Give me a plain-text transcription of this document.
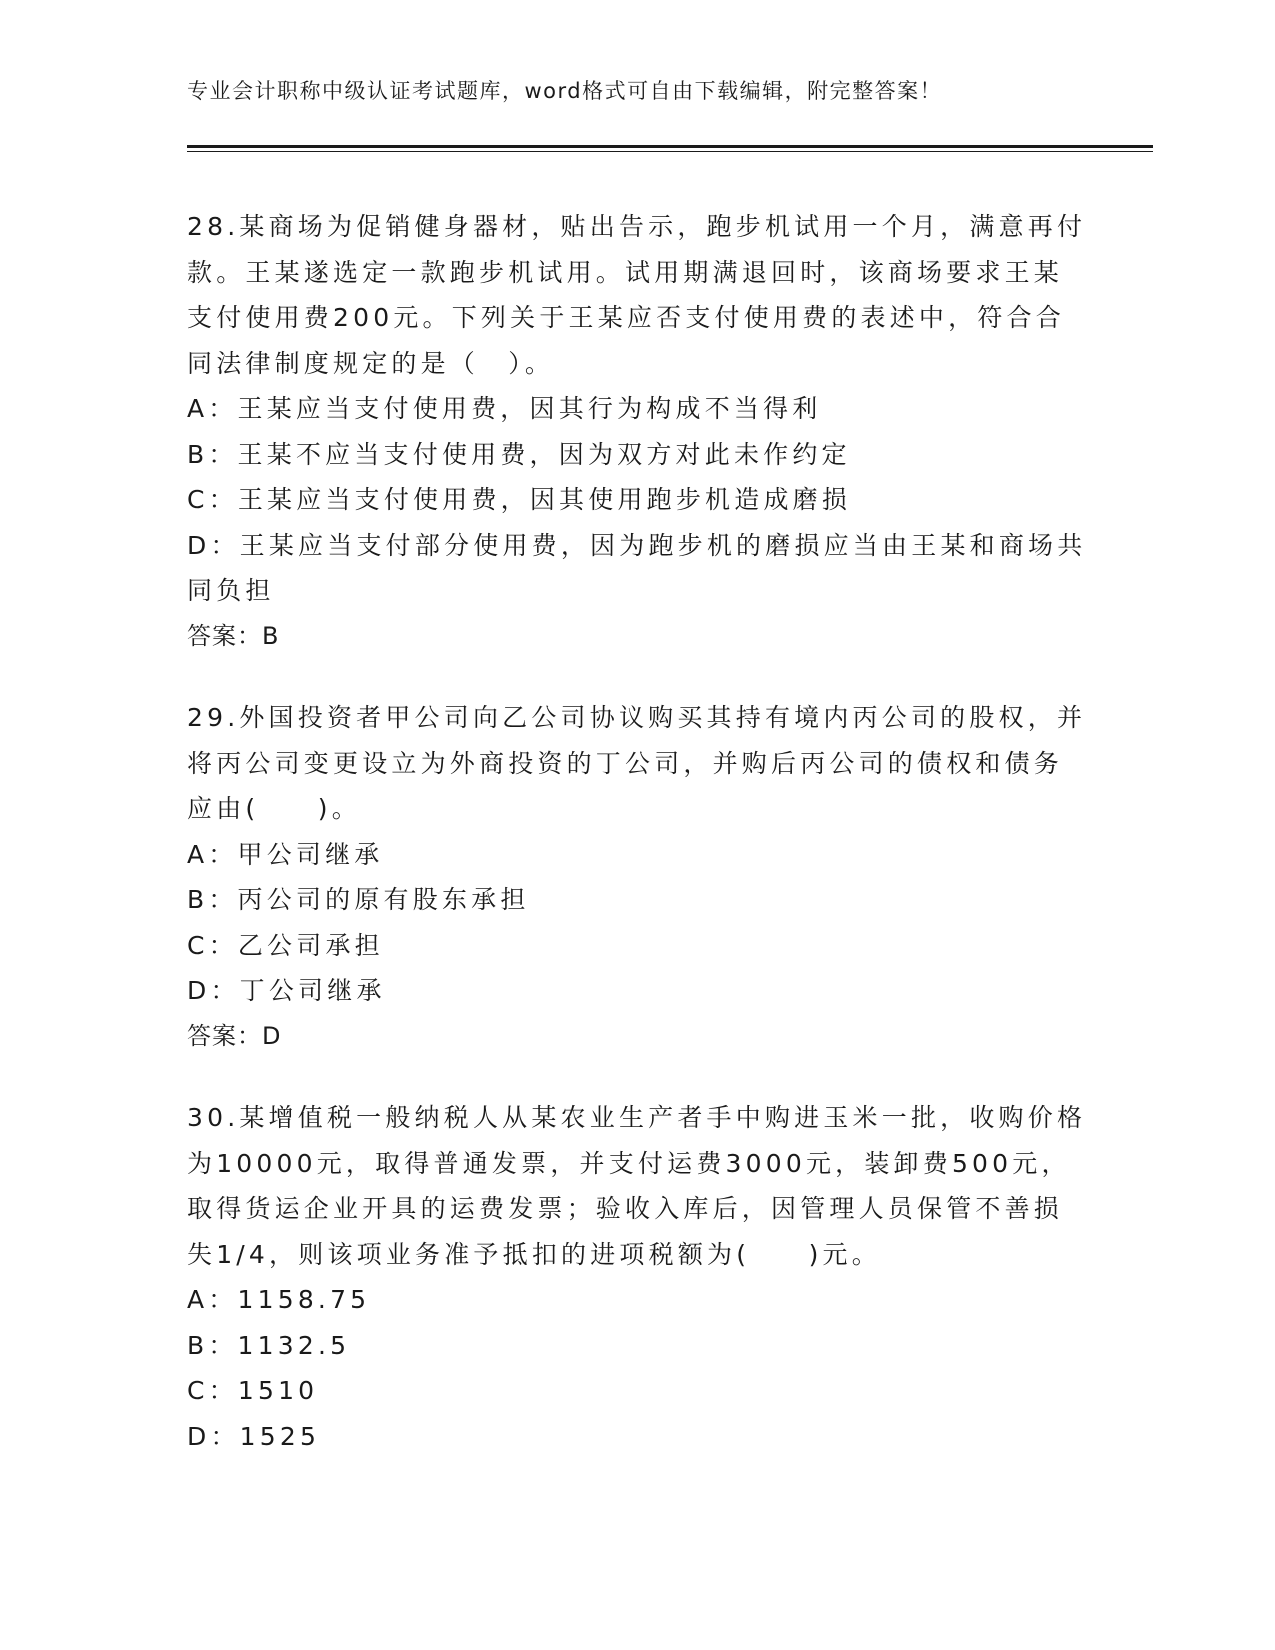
专业会计职称中级认证考试题库，word格式可自由下载编辑，附完整答案！

28.某商场为促销健身器材，贴出告示，跑步机试用一个月，满意再付款。王某遂选定一款跑步机试用。试用期满退回时，该商场要求王某支付使用费200元。下列关于王某应否支付使用费的表述中，符合合同法律制度规定的是（　）。

A：王某应当支付使用费，因其行为构成不当得利

B：王某不应当支付使用费，因为双方对此未作约定

C：王某应当支付使用费，因其使用跑步机造成磨损

D：王某应当支付部分使用费，因为跑步机的磨损应当由王某和商场共同负担

答案：B

29.外国投资者甲公司向乙公司协议购买其持有境内丙公司的股权，并将丙公司变更设立为外商投资的丁公司，并购后丙公司的债权和债务应由(　　)。

A：甲公司继承

B：丙公司的原有股东承担

C：乙公司承担

D：丁公司继承

答案：D

30.某增值税一般纳税人从某农业生产者手中购进玉米一批，收购价格为10000元，取得普通发票，并支付运费3000元，装卸费500元，取得货运企业开具的运费发票；验收入库后，因管理人员保管不善损失1/4，则该项业务准予抵扣的进项税额为(　　)元。

A：1158.75

B：1132.5

C：1510

D：1525
